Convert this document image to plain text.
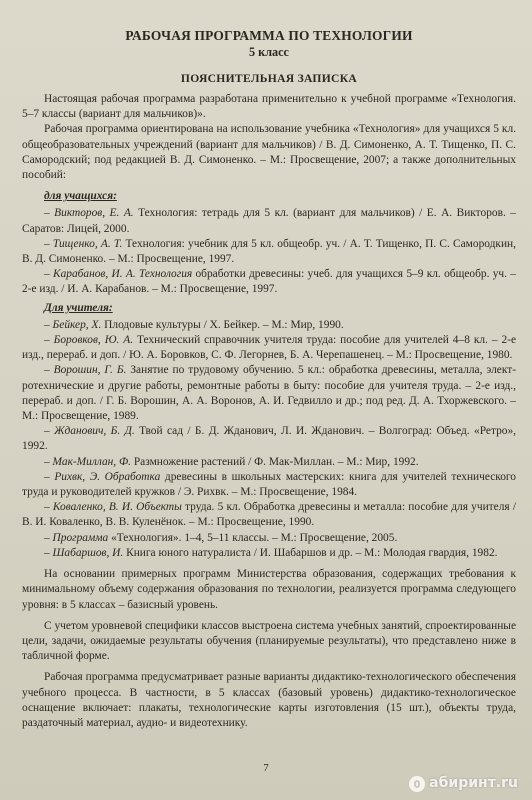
РАБОЧАЯ ПРОГРАММА ПО ТЕХНОЛОГИИ
5 класс
ПОЯСНИТЕЛЬНАЯ ЗАПИСКА

Настоящая рабочая программа разработана применительно к учебной программе «Технология. 5–7 классы (вариант для мальчиков)».

Рабочая программа ориентирована на использование учебника «Технология» для учащихся 5 кл. общеобразовательных учреждений (вариант для мальчиков) / В. Д. Симоненко, А. Т. Тищенко, П. С. Самородский; под редакцией В. Д. Симоненко. – М.: Просвещение, 2007; а также дополнительных пособий:

для учащихся:

– Викторов, Е. А. Технология: тетрадь для 5 кл. (вариант для мальчиков) / Е. А. Викторов. – Саратов: Лицей, 2000.

– Тищенко, А. Т. Технология: учебник для 5 кл. общеобр. уч. / А. Т. Тищенко, П. С. Самородкин, В. Д. Симоненко. – М.: Просвещение, 1997.

– Карабанов, И. А. Технология обработки древесины: учеб. для учащихся 5–9 кл. общеобр. уч. – 2-е изд. / И. А. Карабанов. – М.: Просвещение, 1997.

Для учителя:

– Бейкер, Х. Плодовые культуры / Х. Бейкер. – М.: Мир, 1990.

– Боровков, Ю. А. Технический справочник учителя труда: пособие для учителей 4–8 кл. – 2-е изд., перераб. и доп. / Ю. А. Боровков, С. Ф. Легорнев, Б. А. Черепашенец. – М.: Просвещение, 1980.

– Ворошин, Г. Б. Занятие по трудовому обучению. 5 кл.: обработка древесины, металла, электротехнические и другие работы, ремонтные работы в быту: пособие для учителя труда. – 2-е изд., перераб. и доп. / Г. Б. Ворошин, А. А. Воронов, А. И. Гедвилло и др.; под ред. Д. А. Тхоржевского. – М.: Просвещение, 1989.

– Жданович, Б. Д. Твой сад / Б. Д. Жданович, Л. И. Жданович. – Волгоград: Объед. «Ретро», 1992.

– Мак-Миллан, Ф. Размножение растений / Ф. Мак-Миллан. – М.: Мир, 1992.

– Рихвк, Э. Обработка древесины в школьных мастерских: книга для учителей технического труда и руководителей кружков / Э. Рихвк. – М.: Просвещение, 1984.

– Коваленко, В. И. Объекты труда. 5 кл. Обработка древесины и металла: пособие для учителя / В. И. Коваленко, В. В. Куленёнок. – М.: Просвещение, 1990.

– Программа «Технология». 1–4, 5–11 классы. – М.: Просвещение, 2005.

– Шабаршов, И. Книга юного натуралиста / И. Шабаршов и др. – М.: Молодая гвардия, 1982.

На основании примерных программ Министерства образования, содержащих требования к минимальному объему содержания образования по технологии, реализуется программа следующего уровня: в 5 классах – базисный уровень.

С учетом уровневой специфики классов выстроена система учебных занятий, спроектированные цели, задачи, ожидаемые результаты обучения (планируемые результаты), что представлено ниже в табличной форме.

Рабочая программа предусматривает разные варианты дидактико-технологического обеспечения учебного процесса. В частности, в 5 классах (базовый уровень) дидактико-технологическое оснащение включает: плакаты, технологические карты изготовления (15 шт.), объекты труда, раздаточный материал, аудио- и видеотехнику.

7
абиринт.ru
